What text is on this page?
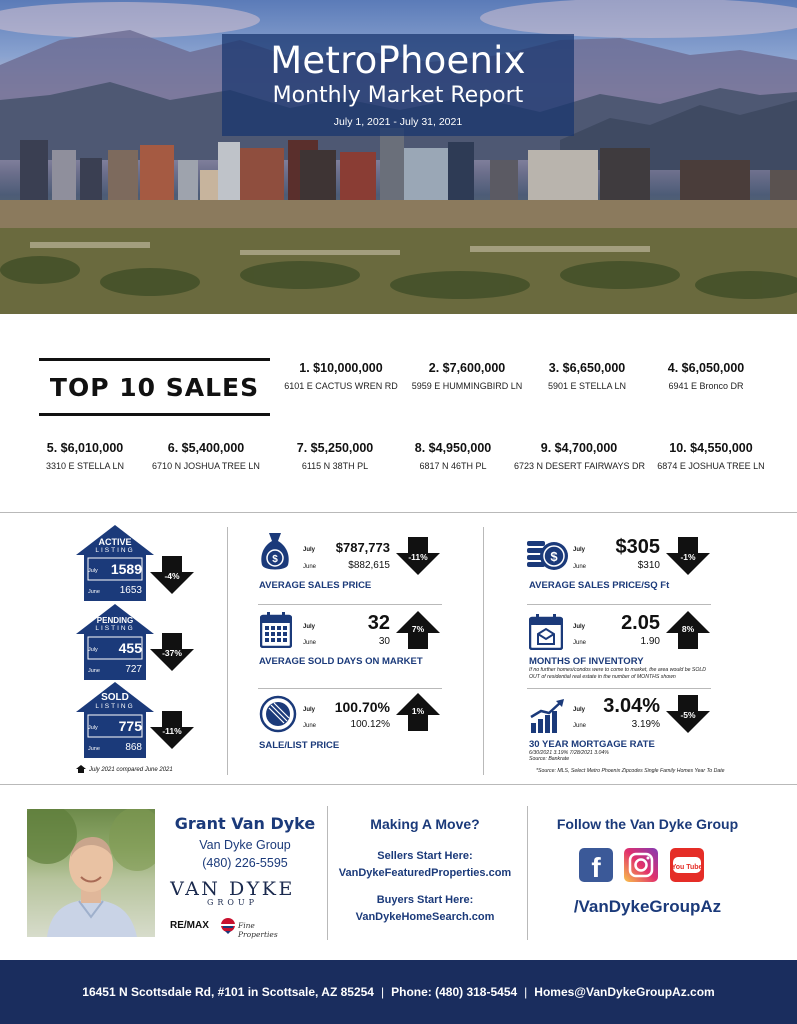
MetroPhoenix
Monthly Market Report
July 1, 2021 - July 31, 2021
TOP 10 SALES
1. $10,000,000
6101 E CACTUS WREN RD
2. $7,600,000
5959 E HUMMINGBIRD LN
3. $6,650,000
5901 E STELLA LN
4. $6,050,000
6941 E Bronco DR
5. $6,010,000
3310 E STELLA LN
6. $5,400,000
6710 N JOSHUA TREE LN
7. $5,250,000
6115 N 38TH PL
8. $4,950,000
6817 N 46TH PL
9. $4,700,000
6723 N DESERT FAIRWAYS DR
10. $4,550,000
6874 E JOSHUA TREE LN
ACTIVE
LISTING
July 1589
June	1653
-4%
PENDING
LISTING
July	455
June	727
-37%
SOLD
LISTING
July	775
June	868
-11%
July 2021 compared June 2021
$
July	$787,773
June	$882,615
-11%
AVERAGE SALES PRICE
July	32
June	30
7%
AVERAGE SOLD DAYS ON MARKET
July	100.70%
June	100.12%
1%
SALE/LIST PRICE
$	July	$305
June	$310
-1%
AVERAGE SALES PRICE/SQ Ft
July	2.05
June	1.90
8%
MONTHS OF INVENTORY
If no further homes/condos were to come to market, the area would be SOLD OUT of residential real estate in the number of MONTHS shown
July 3.04%
June	3.19%
-5%
30 YEAR MORTGAGE RATE
6/30/2021 3.19% 7/28/2021 3.04%
Source: Bankrate
*Source: MLS, Select Metro Phoenix Zipcodes Single Family Homes Year To Date
Grant Van Dyke
Van Dyke Group
(480) 226-5595
VAN DYKE
GROUP
RE/MAX	Fine Properties
Making A Move?
Sellers Start Here:
VanDykeFeaturedProperties.com
Buyers Start Here:
VanDykeHomeSearch.com
Follow the Van Dyke Group
f	You Tube
/VanDykeGroupAz
16451 N Scottsdale Rd, #101 in Scottsale, AZ 85254 | Phone: (480) 318-5454 | Homes@VanDykeGroupAz.com
